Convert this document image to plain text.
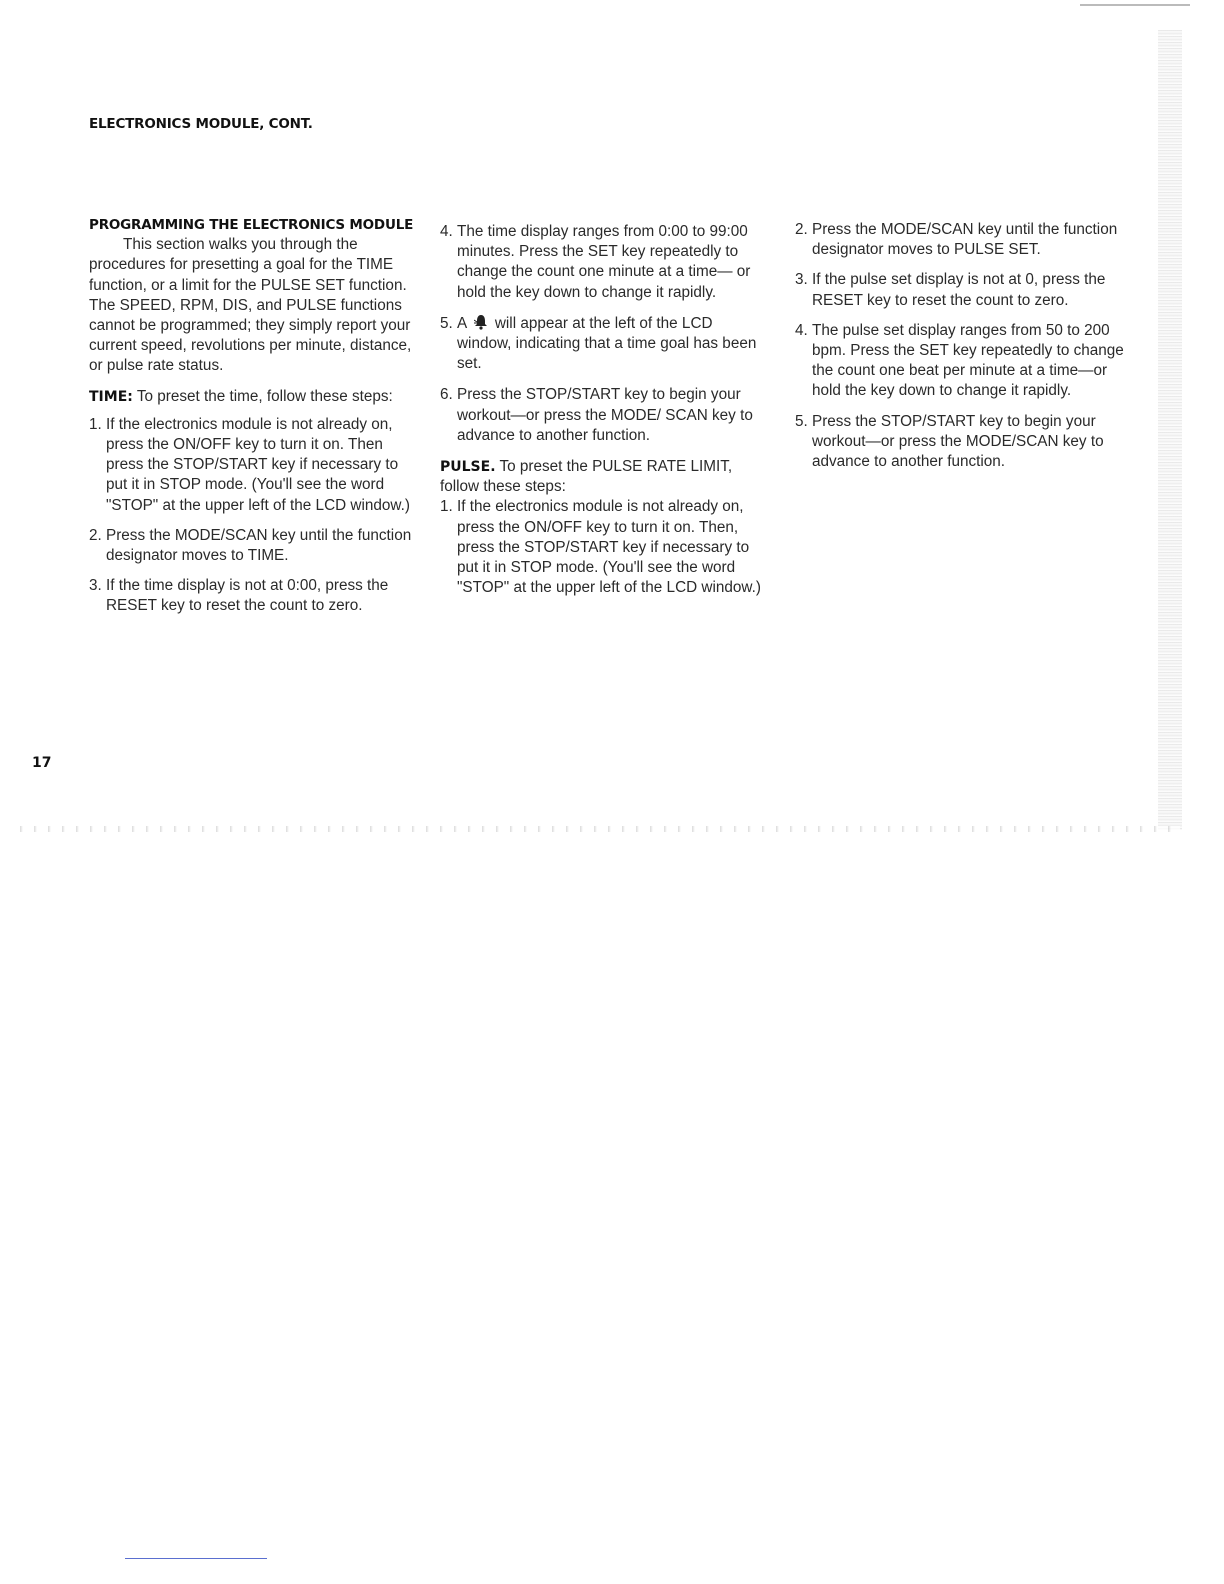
ELECTRONICS MODULE, CONT.

PROGRAMMING THE ELECTRONICS MODULE

This section walks you through the procedures for presetting a goal for the TIME function, or a limit for the PULSE SET function. The SPEED, RPM, DIS, and PULSE functions cannot be programmed; they simply report your current speed, revolutions per minute, distance, or pulse rate status.

TIME: To preset the time, follow these steps:

1. If the electronics module is not already on, press the ON/OFF key to turn it on. Then press the STOP/START key if necessary to put it in STOP mode. (You'll see the word "STOP" at the upper left of the LCD window.)
2. Press the MODE/SCAN key until the function designator moves to TIME.
3. If the time display is not at 0:00, press the RESET key to reset the count to zero.
4. The time display ranges from 0:00 to 99:00 minutes. Press the SET key repeatedly to change the count one minute at a time— or hold the key down to change it rapidly.
5. A will appear at the left of the LCD window, indicating that a time goal has been set.
6. Press the STOP/START key to begin your workout—or press the MODE/ SCAN key to advance to another function.

PULSE. To preset the PULSE RATE LIMIT, follow these steps:

1. If the electronics module is not already on, press the ON/OFF key to turn it on. Then, press the STOP/START key if necessary to put it in STOP mode. (You'll see the word "STOP" at the upper left of the LCD window.)
2. Press the MODE/SCAN key until the function designator moves to PULSE SET.
3. If the pulse set display is not at 0, press the RESET key to reset the count to zero.
4. The pulse set display ranges from 50 to 200 bpm. Press the SET key repeatedly to change the count one beat per minute at a time—or hold the key down to change it rapidly.
5. Press the STOP/START key to begin your workout—or press the MODE/SCAN key to advance to another function.
17
